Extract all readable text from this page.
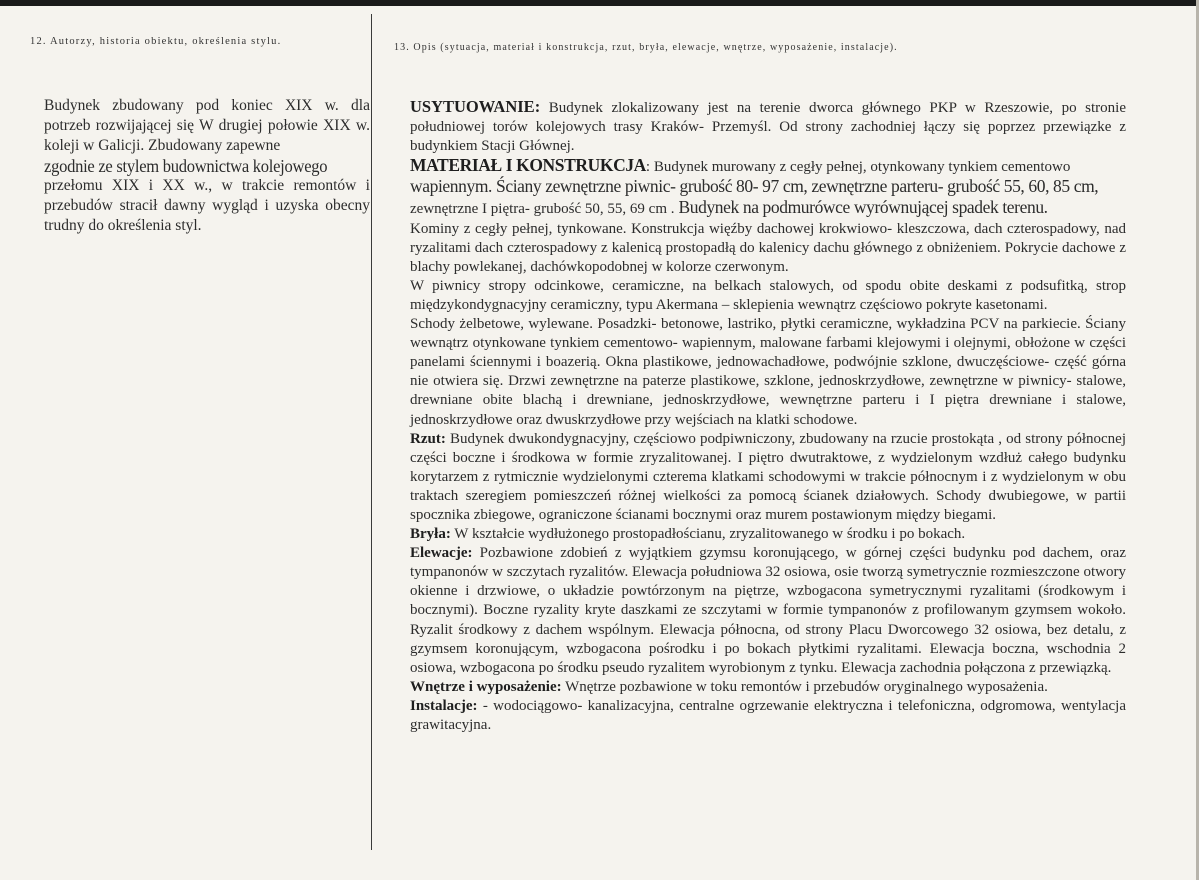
12. Autorzy, historia obiektu, określenia stylu.
13. Opis (sytuacja, materiał i konstrukcja, rzut, bryła, elewacje, wnętrze, wyposażenie, instalacje).

Budynek zbudowany pod koniec XIX w. dla potrzeb rozwijającej się W drugiej połowie XIX w. koleji w Galicji. Zbudowany zapewne

zgodnie ze stylem budownictwa kolejowego

przełomu XIX i XX w., w trakcie remontów i przebudów stracił dawny wygląd i uzyska obecny trudny do określenia styl.

USYTUOWANIE: Budynek zlokalizowany jest na terenie dworca głównego PKP w Rzeszowie, po stronie południowej torów kolejowych trasy Kraków- Przemyśl. Od strony zachodniej łączy się poprzez przewiązke z budynkiem Stacji Głównej.

MATERIAŁ I KONSTRUKCJA: Budynek murowany z cegły pełnej, otynkowany tynkiem cementowo
wapiennym. Ściany zewnętrzne piwnic- grubość 80- 97 cm, zewnętrzne parteru- grubość 55, 60, 85 cm,
zewnętrzne I piętra- grubość 50, 55, 69 cm . Budynek na podmurówce wyrównującej spadek terenu.

Kominy z cegły pełnej, tynkowane. Konstrukcja więźby dachowej krokwiowo- kleszczowa, dach czterospadowy, nad ryzalitami dach czterospadowy z kalenicą prostopadłą do kalenicy dachu głównego z obniżeniem. Pokrycie dachowe z blachy powlekanej, dachówkopodobnej w kolorze czerwonym.

W piwnicy stropy odcinkowe, ceramiczne, na belkach stalowych, od spodu obite deskami z podsufitką, strop międzykondygnacyjny ceramiczny, typu Akermana – sklepienia wewnątrz częściowo pokryte kasetonami.

Schody żelbetowe, wylewane. Posadzki- betonowe, lastriko, płytki ceramiczne, wykładzina PCV na parkiecie. Ściany wewnątrz otynkowane tynkiem cementowo- wapiennym, malowane farbami klejowymi i olejnymi, obłożone w części panelami ściennymi i boazerią. Okna plastikowe, jednowachadłowe, podwójnie szklone, dwuczęściowe- część górna nie otwiera się. Drzwi zewnętrzne na paterze plastikowe, szklone, jednoskrzydłowe, zewnętrzne w piwnicy- stalowe, drewniane obite blachą i drewniane, jednoskrzydłowe, wewnętrzne parteru i I piętra drewniane i stalowe, jednoskrzydłowe oraz dwuskrzydłowe przy wejściach na klatki schodowe.

Rzut: Budynek dwukondygnacyjny, częściowo podpiwniczony, zbudowany na rzucie prostokąta , od strony północnej części boczne i środkowa w formie zryzalitowanej. I piętro dwutraktowe, z wydzielonym wzdłuż całego budynku korytarzem z rytmicznie wydzielonymi czterema klatkami schodowymi w trakcie północnym i z wydzielonym w obu traktach szeregiem pomieszczeń różnej wielkości za pomocą ścianek działowych. Schody dwubiegowe, w partii spocznika zbiegowe, ograniczone ścianami bocznymi oraz murem postawionym między biegami.

Bryła: W kształcie wydłużonego prostopadłościanu, zryzalitowanego w środku i po bokach.

Elewacje: Pozbawione zdobień z wyjątkiem gzymsu koronującego, w górnej części budynku pod dachem, oraz tympanonów w szczytach ryzalitów. Elewacja południowa 32 osiowa, osie tworzą symetrycznie rozmieszczone otwory okienne i drzwiowe, o układzie powtórzonym na piętrze, wzbogacona symetrycznymi ryzalitami (środkowym i bocznymi). Boczne ryzality kryte daszkami ze szczytami w formie tympanonów z profilowanym gzymsem wokoło. Ryzalit środkowy z dachem wspólnym. Elewacja północna, od strony Placu Dworcowego 32 osiowa, bez detalu, z gzymsem koronującym, wzbogacona pośrodku i po bokach płytkimi ryzalitami. Elewacja boczna, wschodnia 2 osiowa, wzbogacona po środku pseudo ryzalitem wyrobionym z tynku. Elewacja zachodnia połączona z przewiązką.

Wnętrze i wyposażenie: Wnętrze pozbawione w toku remontów i przebudów oryginalnego wyposażenia.

Instalacje: - wodociągowo- kanalizacyjna, centralne ogrzewanie elektryczna i telefoniczna, odgromowa, wentylacja grawitacyjna.
